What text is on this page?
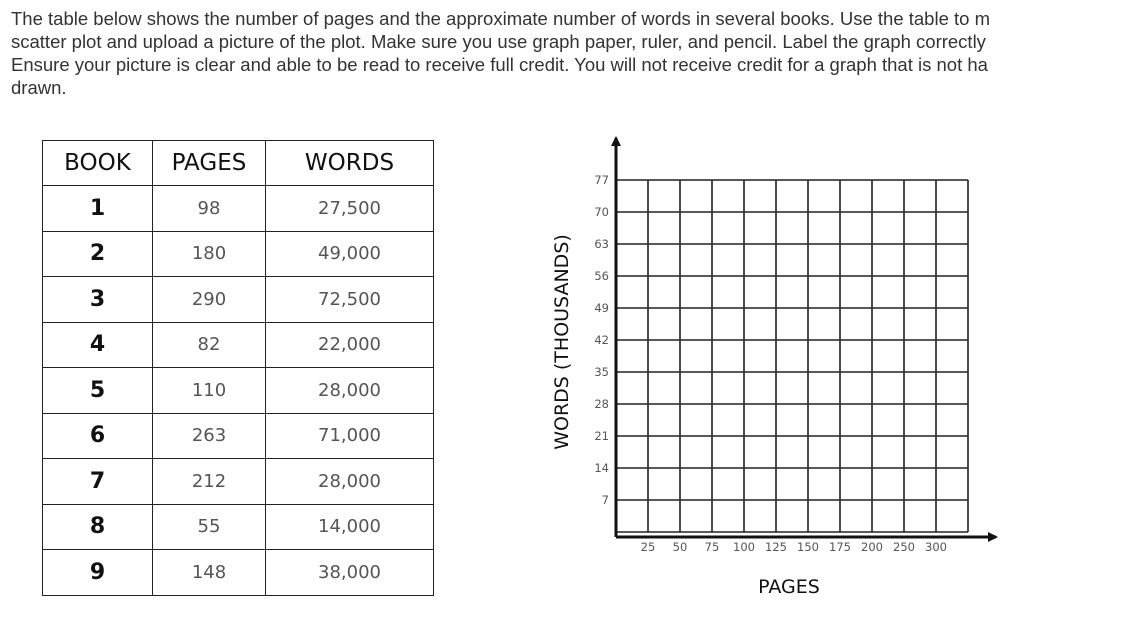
The table below shows the number of pages and the approximate number of words in several books. Use the table to m
scatter plot and upload a picture of the plot. Make sure you use graph paper, ruler, and pencil. Label the graph correctly
Ensure your picture is clear and able to be read to receive full credit. You will not receive credit for a graph that is not ha
drawn.
BOOK	PAGES	WORDS
1	98	27,500
2	180	49,000
3	290	72,500
4	82	22,000
5	110	28,000
6	263	71,000
7	212	28,000
8	55	14,000
9	148	38,000
7
14
21
28
35
42
49
56
63
70
77
25 50 75 100 125 150 175 200 250 300
WORDS (THOUSANDS)
PAGES
